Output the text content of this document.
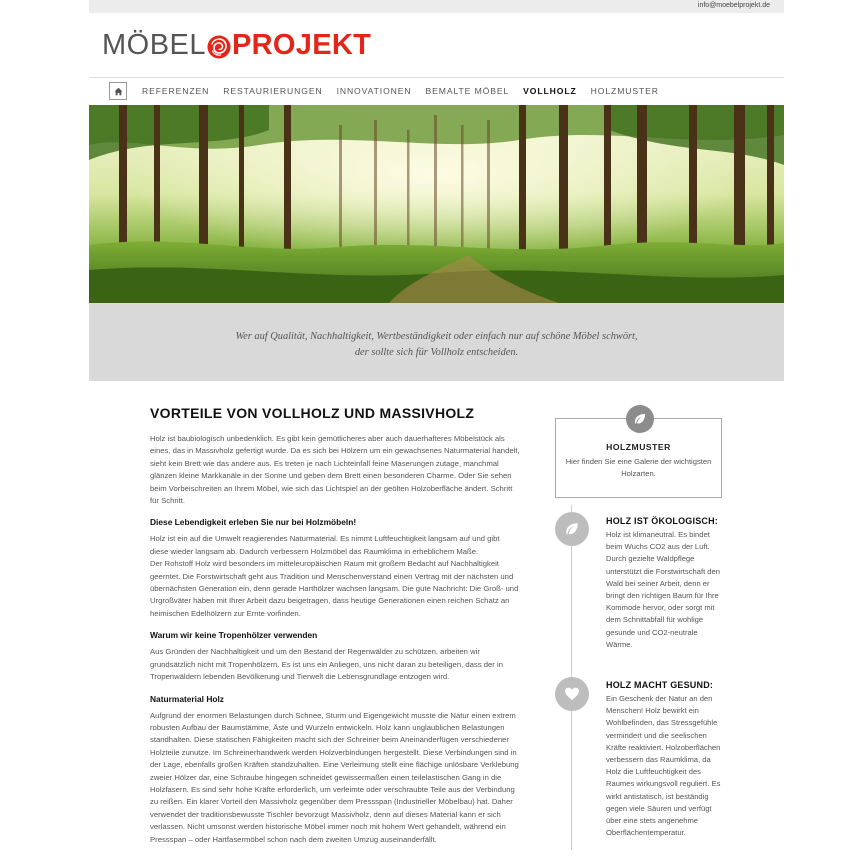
info@moebelprojekt.de
MÖBEL PROJEKT
REFERENZEN RESTAURIERUNGEN INNOVATIONEN BEMALTE MÖBEL VOLLHOLZ HOLZMUSTER
Wer auf Qualität, Nachhaltigkeit, Wertbeständigkeit oder einfach nur auf schöne Möbel schwört,
der sollte sich für Vollholz entscheiden.
VORTEILE VON VOLLHOLZ UND MASSIVHOLZ

Holz ist baubiologisch unbedenklich. Es gibt kein gemütlicheres aber auch dauerhafteres Möbelstück als eines, das in Massivholz gefertigt wurde. Da es sich bei Hölzern um ein gewachsenes Naturmaterial handelt, sieht kein Brett wie das andere aus. Es treten je nach Lichteinfall feine Maserungen zutage, manchmal glänzen kleine Markkanäle in der Sonne und geben dem Brett einen besonderen Charme. Oder Sie sehen beim Vorbeischreiten an Ihrem Möbel, wie sich das Lichtspiel an der geölten Holzoberfläche ändert. Schritt für Schritt.

Diese Lebendigkeit erleben Sie nur bei Holzmöbeln!

Holz ist ein auf die Umwelt reagierendes Naturmaterial. Es nimmt Luftfeuchtigkeit langsam auf und gibt diese wieder langsam ab. Dadurch verbessern Holzmöbel das Raumklima in erheblichem Maße.

Der Rohstoff Holz wird besonders im mitteleuropäischen Raum mit großem Bedacht auf Nachhaltigkeit geerntet. Die Forstwirtschaft geht aus Tradition und Menschenverstand einen Vertrag mit der nächsten und übernächsten Generation ein, denn gerade Harthölzer wachsen langsam. Die gute Nachricht: Die Groß- und Urgroßväter haben mit Ihrer Arbeit dazu beigetragen, dass heutige Generationen einen reichen Schatz an heimischen Edelhölzern zur Ernte vorfinden.

Warum wir keine Tropenhölzer verwenden

Aus Gründen der Nachhaltigkeit und um den Bestand der Regenwälder zu schützen, arbeiten wir grundsätzlich nicht mit Tropenhölzern. Es ist uns ein Anliegen, uns nicht daran zu beteiligen, dass der in Tropenwäldern lebenden Bevölkerung und Tierwelt die Lebensgrundlage entzogen wird.

Naturmaterial Holz

Aufgrund der enormen Belastungen durch Schnee, Sturm und Eigengewicht musste die Natur einen extrem robusten Aufbau der Baumstämme, Äste und Wurzeln entwickeln. Holz kann unglaublichen Belastungen standhalten. Diese statischen Fähigkeiten macht sich der Schreiner beim Aneinanderfügen verschiedener Holzteile zunutze. Im Schreinerhandwerk werden Holzverbindungen hergestellt. Diese Verbindungen sind in der Lage, ebenfalls großen Kräften standzuhalten. Eine Verleimung stellt eine flächige unlösbare Verklebung zweier Hölzer dar, eine Schraube hingegen schneidet gewissermaßen einen teilelastischen Gang in die Holzfasern. Es sind sehr hohe Kräfte erforderlich, um verleimte oder verschraubte Teile aus der Verbindung zu reißen. Ein klarer Vorteil den Massivholz gegenüber dem Pressspan (Industrieller Möbelbau) hat. Daher verwendet der traditionsbewusste Tischler bevorzugt Massivholz, denn auf dieses Material kann er sich verlassen. Nicht umsonst werden historische Möbel immer noch mit hohem Wert gehandelt, während ein Pressspan – oder Hartfasermöbel schon nach dem zweiten Umzug auseinanderfällt.

HOLZMUSTER

Hier finden Sie eine Galerie der wichtigsten Holzarten.

HOLZ IST ÖKOLOGISCH:

Holz ist klimaneutral. Es bindet beim Wuchs CO2 aus der Luft. Durch gezielte Waldpflege unterstützt die Forstwirtschaft den Wald bei seiner Arbeit, denn er bringt den richtigen Baum für Ihre Kommode hervor, oder sorgt mit dem Schnittabfall für wohlige gesunde und CO2-neutrale Wärme.

HOLZ MACHT GESUND:

Ein Geschenk der Natur an den Menschen! Holz bewirkt ein Wohlbefinden, das Stressgefühle vermindert und die seelischen Kräfte reaktiviert. Holzoberflächen verbessern das Raumklima, da Holz die Luftfeuchtigkeit des Raumes wirkungsvoll reguliert. Es wirkt antistatisch, ist beständig gegen viele Säuren und verfügt über eine stets angenehme Oberflächentemperatur.
